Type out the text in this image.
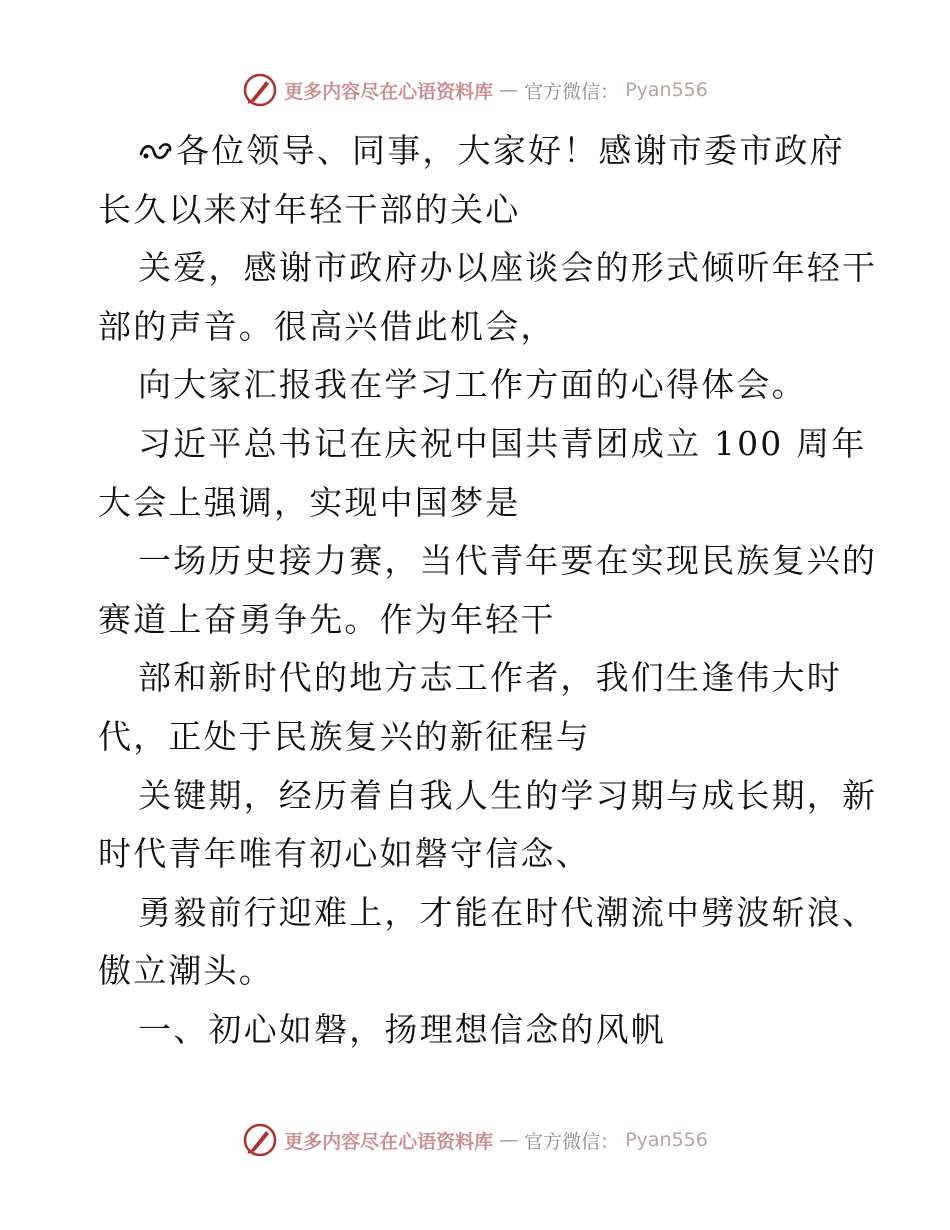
更多内容尽在心语资料库 — 官方微信： Pyan556

各位领导、同事，大家好！感谢市委市政府

长久以来对年轻干部的关心

关爱，感谢市政府办以座谈会的形式倾听年轻干

部的声音。很高兴借此机会，

向大家汇报我在学习工作方面的心得体会。

习近平总书记在庆祝中国共青团成立 100 周年

大会上强调，实现中国梦是

一场历史接力赛，当代青年要在实现民族复兴的

赛道上奋勇争先。作为年轻干

部和新时代的地方志工作者，我们生逢伟大时

代，正处于民族复兴的新征程与

关键期，经历着自我人生的学习期与成长期，新

时代青年唯有初心如磐守信念、

勇毅前行迎难上，才能在时代潮流中劈波斩浪、

傲立潮头。

一、初心如磐，扬理想信念的风帆

更多内容尽在心语资料库 — 官方微信： Pyan556
